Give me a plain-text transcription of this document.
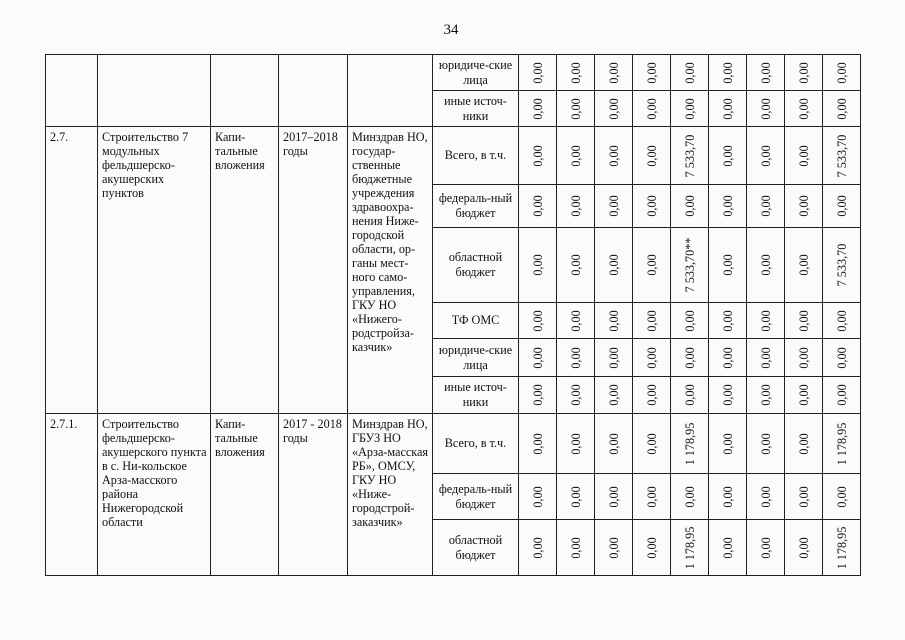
34
					юридиче-ские лица	0,00	0,00	0,00	0,00	0,00	0,00	0,00	0,00	0,00

					иные источ-ники	0,00	0,00	0,00	0,00	0,00	0,00	0,00	0,00	0,00

2.7.	Строительство 7 модульных фельдшерско-акушерских пунктов	Капи-тальные вложения	2017–2018 годы	Минздрав НО, государ-ственные бюджетные учреждения здравоохра-нения Ниже-городской области, ор-ганы мест-ного само-управления, ГКУ НО «Нижего-родстройза-казчик»	Всего, в т.ч.	0,00	0,00	0,00	0,00	7 533,70	0,00	0,00	0,00	7 533,70

					федераль-ный бюджет	0,00	0,00	0,00	0,00	0,00	0,00	0,00	0,00	0,00

					областной бюджет	0,00	0,00	0,00	0,00	7 533,70**	0,00	0,00	0,00	7 533,70

					ТФ ОМС	0,00	0,00	0,00	0,00	0,00	0,00	0,00	0,00	0,00

					юридиче-ские лица	0,00	0,00	0,00	0,00	0,00	0,00	0,00	0,00	0,00

					иные источ-ники	0,00	0,00	0,00	0,00	0,00	0,00	0,00	0,00	0,00

2.7.1.	Строительство фельдшерско-акушерского пункта в с. Ни-кольское Арза-масского района Нижегородской области	Капи-тальные вложения	2017 - 2018 годы	Минздрав НО, ГБУЗ НО «Арза-масская РБ», ОМСУ, ГКУ НО «Ниже-городстрой-заказчик»	Всего, в т.ч.	0,00	0,00	0,00	0,00	1 178,95	0,00	0,00	0,00	1 178,95

					федераль-ный бюджет	0,00	0,00	0,00	0,00	0,00	0,00	0,00	0,00	0,00

					областной бюджет	0,00	0,00	0,00	0,00	1 178,95	0,00	0,00	0,00	1 178,95
